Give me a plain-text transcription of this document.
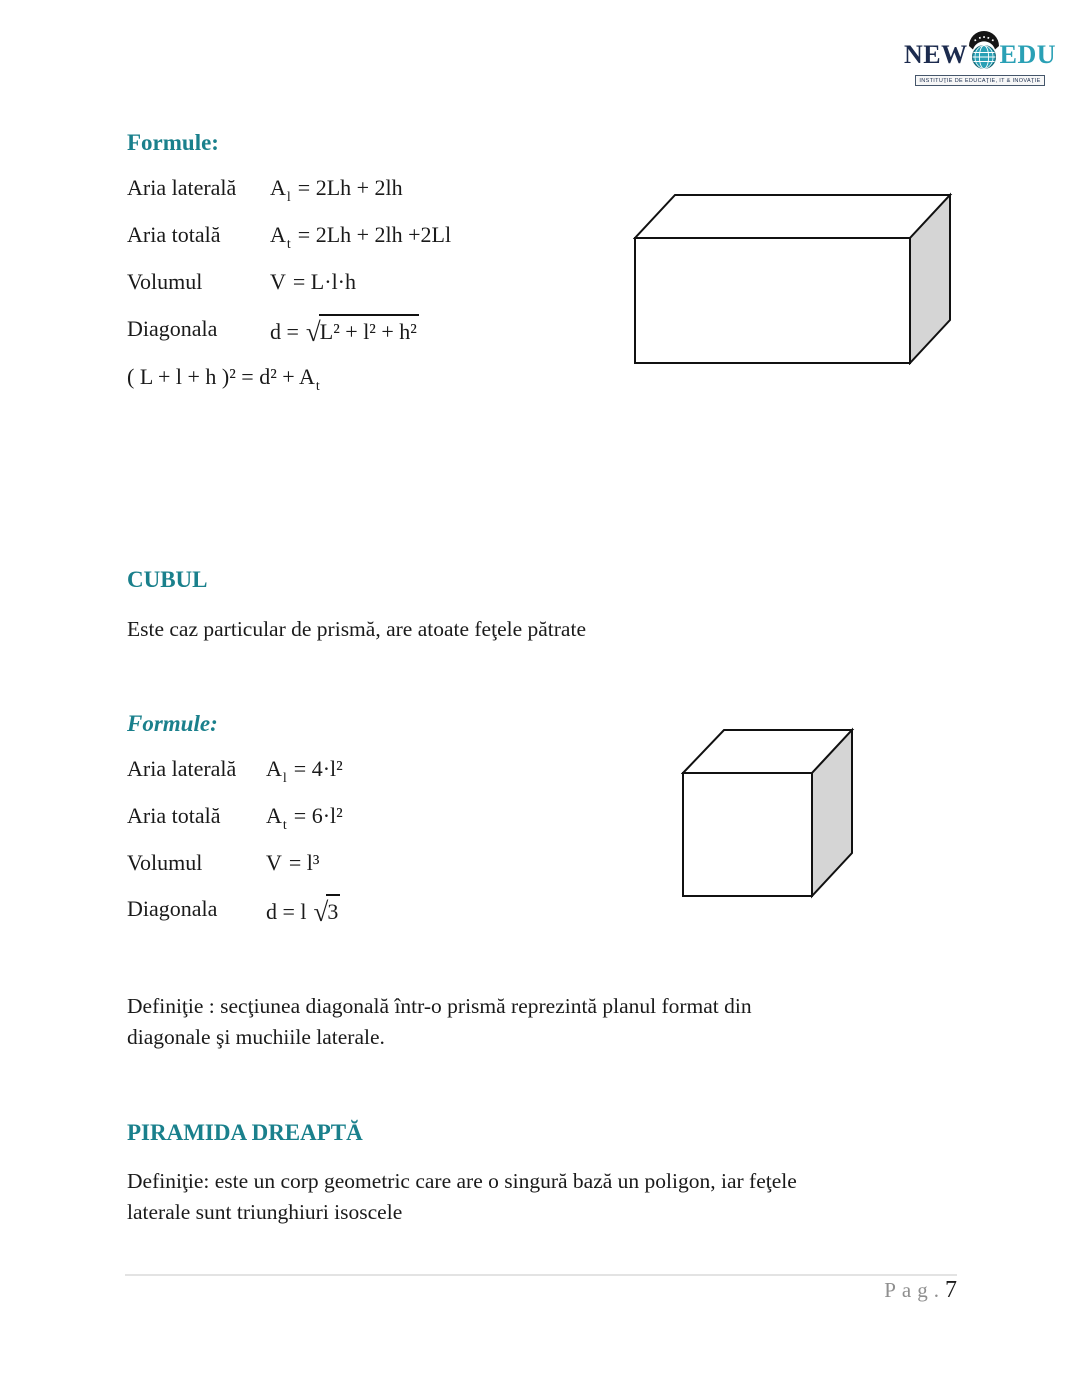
NEW EDU
INSTITUŢIE DE EDUCAŢIE, IT & INOVAŢIE
Formule:
Aria laterală	$A_l = 2Lh + 2lh$
Aria totală	$A_t = 2Lh + 2lh +2Ll$
Volumul	V = L·l·h
Diagonala	d = √L² + l² + h²
( L + l + h )$^2 = d^2 + A_t$
CUBUL
Este caz particular de prismă, are atoate feţele pătrate
Formule:
Aria laterală	$A_l = 4\cdot l^2$
Aria totală	$A_t = 6\cdot l^2$
Volumul	V = l³
Diagonala	d = l √3
Definiţie : secţiunea diagonală într-o prismă reprezintă planul format din
diagonale şi muchiile laterale.
PIRAMIDA DREAPTĂ
Definiţie: este un corp geometric care are o singură bază un poligon, iar feţele
laterale sunt triunghiuri isoscele
Pag.7
